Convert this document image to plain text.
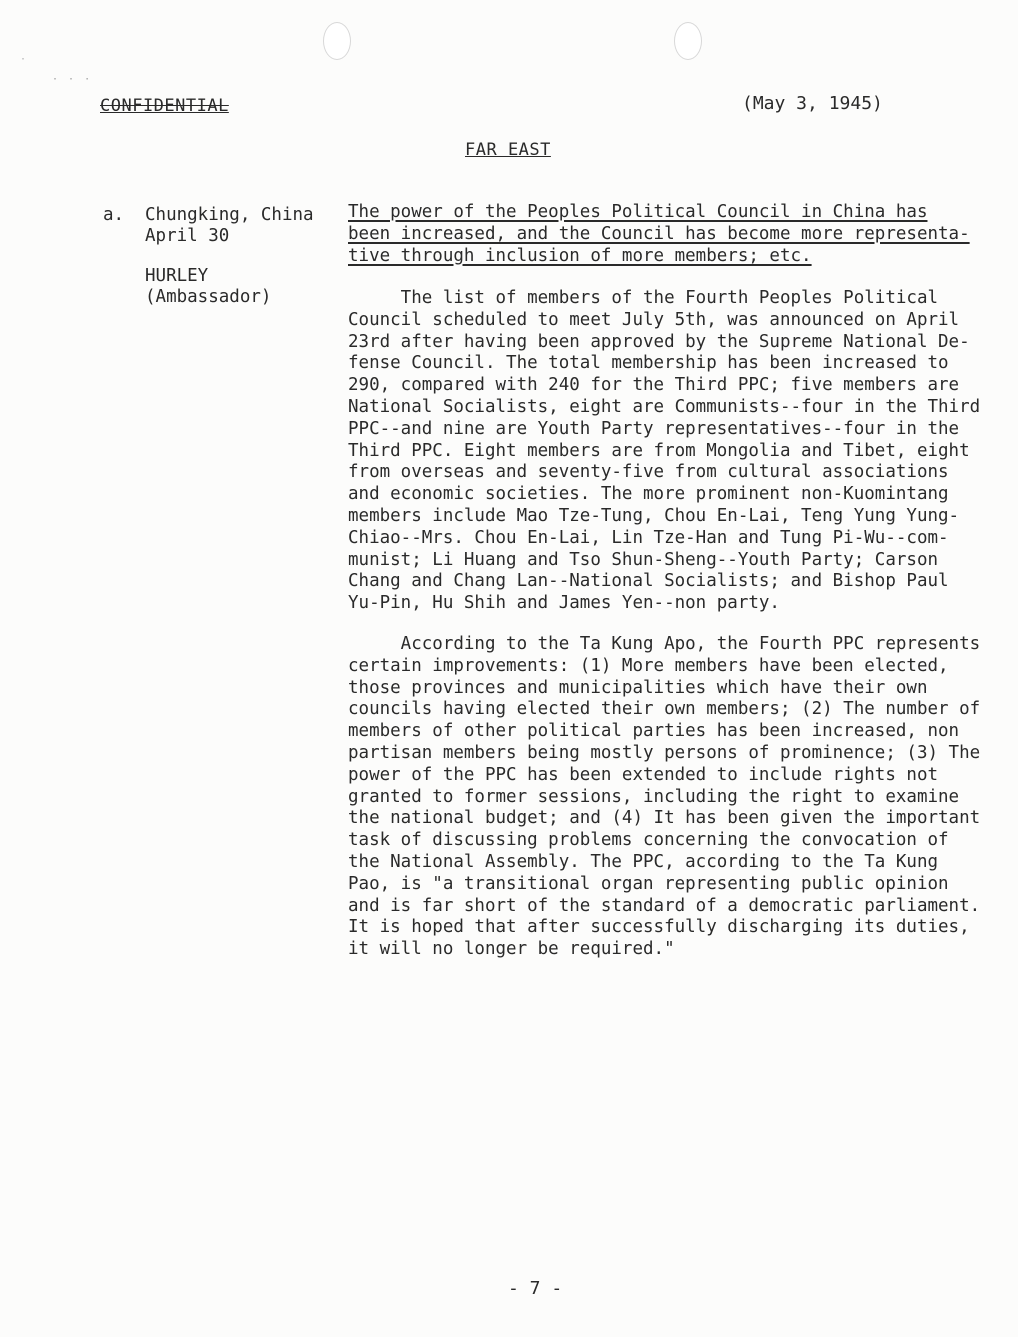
·
· · ·
CONFIDENTIAL	(May 3, 1945)
FAR EAST
a. Chungking, China
April 30
HURLEY
(Ambassador)
The power of the Peoples Political Council in China has
been increased, and the Council has become more representa-
tive through inclusion of more members; etc.
The list of members of the Fourth Peoples Political
Council scheduled to meet July 5th, was announced on April
23rd after having been approved by the Supreme National De-
fense Council. The total membership has been increased to
290, compared with 240 for the Third PPC; five members are
National Socialists, eight are Communists--four in the Third
PPC--and nine are Youth Party representatives--four in the
Third PPC. Eight members are from Mongolia and Tibet, eight
from overseas and seventy-five from cultural associations
and economic societies. The more prominent non-Kuomintang
members include Mao Tze-Tung, Chou En-Lai, Teng Yung Yung-
Chiao--Mrs. Chou En-Lai, Lin Tze-Han and Tung Pi-Wu--com-
munist; Li Huang and Tso Shun-Sheng--Youth Party; Carson
Chang and Chang Lan--National Socialists; and Bishop Paul
Yu-Pin, Hu Shih and James Yen--non party.
According to the Ta Kung Apo, the Fourth PPC represents
certain improvements: (1) More members have been elected,
those provinces and municipalities which have their own
councils having elected their own members; (2) The number of
members of other political parties has been increased, non
partisan members being mostly persons of prominence; (3) The
power of the PPC has been extended to include rights not
granted to former sessions, including the right to examine
the national budget; and (4) It has been given the important
task of discussing problems concerning the convocation of
the National Assembly. The PPC, according to the Ta Kung
Pao, is "a transitional organ representing public opinion
and is far short of the standard of a democratic parliament.
It is hoped that after successfully discharging its duties,
it will no longer be required."
- 7 -
